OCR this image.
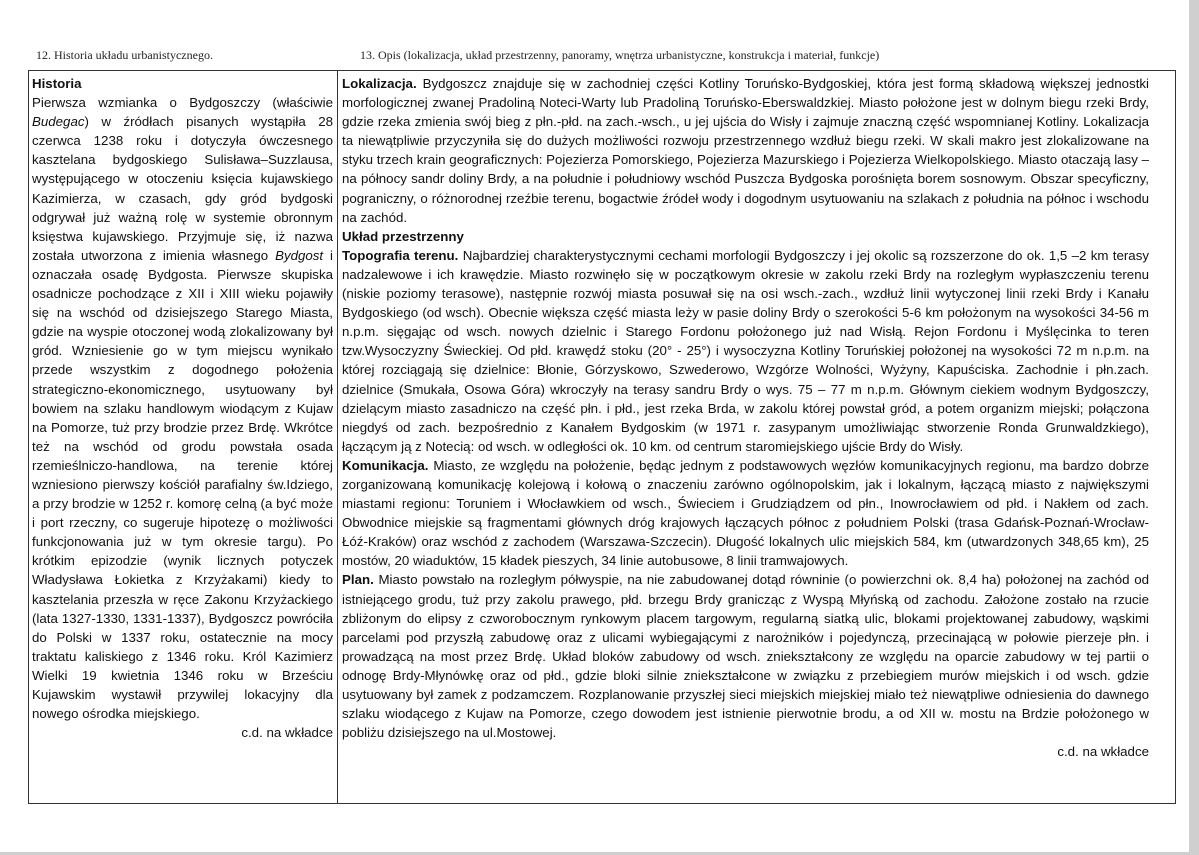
12. Historia układu urbanistycznego.	13. Opis (lokalizacja, układ przestrzenny, panoramy, wnętrza urbanistyczne, konstrukcja i materiał, funkcje)
Historia

Pierwsza wzmianka o Bydgoszczy (właściwie Budegac) w źródłach pisanych wystąpiła 28 czerwca 1238 roku i dotyczyła ówczesnego kasztelana bydgoskiego Sulisława–Suzzlausa, występującego w otoczeniu księcia kujawskiego Kazimierza, w czasach, gdy gród bydgoski odgrywał już ważną rolę w systemie obronnym księstwa kujawskiego. Przyjmuje się, iż nazwa została utworzona z imienia własnego Bydgost i oznaczała osadę Bydgosta. Pierwsze skupiska osadnicze pochodzące z XII i XIII wieku pojawiły się na wschód od dzisiejszego Starego Miasta, gdzie na wyspie otoczonej wodą zlokalizowany był gród. Wzniesienie go w tym miejscu wynikało przede wszystkim z dogodnego położenia strategiczno-ekonomicznego, usytuowany był bowiem na szlaku handlowym wiodącym z Kujaw na Pomorze, tuż przy brodzie przez Brdę. Wkrótce też na wschód od grodu powstała osada rzemieślniczo-handlowa, na terenie której wzniesiono pierwszy kościół parafialny św.Idziego, a przy brodzie w 1252 r. komorę celną (a być może i port rzeczny, co sugeruje hipotezę o możliwości funkcjonowania już w tym okresie targu). Po krótkim epizodzie (wynik licznych potyczek Władysława Łokietka z Krzyżakami) kiedy to kasztelania przeszła w ręce Zakonu Krzyżackiego (lata 1327-1330, 1331-1337), Bydgoszcz powróciła do Polski w 1337 roku, ostatecznie na mocy traktatu kaliskiego z 1346 roku. Król Kazimierz Wielki 19 kwietnia 1346 roku w Brześciu Kujawskim wystawił przywilej lokacyjny dla nowego ośrodka miejskiego.

c.d. na wkładce

Lokalizacja. Bydgoszcz znajduje się w zachodniej części Kotliny Toruńsko-Bydgoskiej, która jest formą składową większej jednostki morfologicznej zwanej Pradoliną Noteci-Warty lub Pradoliną Toruńsko-Eberswaldzkiej. Miasto położone jest w dolnym biegu rzeki Brdy, gdzie rzeka zmienia swój bieg z płn.-płd. na zach.-wsch., u jej ujścia do Wisły i zajmuje znaczną część wspomnianej Kotliny. Lokalizacja ta niewątpliwie przyczyniła się do dużych możliwości rozwoju przestrzennego wzdłuż biegu rzeki. W skali makro jest zlokalizowane na styku trzech krain geograficznych: Pojezierza Pomorskiego, Pojezierza Mazurskiego i Pojezierza Wielkopolskiego. Miasto otaczają lasy – na północy sandr doliny Brdy, a na południe i południowy wschód Puszcza Bydgoska porośnięta borem sosnowym. Obszar specyficzny, pograniczny, o różnorodnej rzeźbie terenu, bogactwie źródeł wody i dogodnym usytuowaniu na szlakach z południa na północ i wschodu na zachód.

Układ przestrzenny

Topografia terenu. Najbardziej charakterystycznymi cechami morfologii Bydgoszczy i jej okolic są rozszerzone do ok. 1,5 –2 km terasy nadzalewowe i ich krawędzie. Miasto rozwinęło się w początkowym okresie w zakolu rzeki Brdy na rozległym wypłaszczeniu terenu (niskie poziomy terasowe), następnie rozwój miasta posuwał się na osi wsch.-zach., wzdłuż linii wytyczonej linii rzeki Brdy i Kanału Bydgoskiego (od wsch). Obecnie większa część miasta leży w pasie doliny Brdy o szerokości 5-6 km położonym na wysokości 34-56 m n.p.m. sięgając od wsch. nowych dzielnic i Starego Fordonu położonego już nad Wisłą. Rejon Fordonu i Myślęcinka to teren tzw.Wysoczyzny Świeckiej. Od płd. krawędź stoku (20° - 25°) i wysoczyzna Kotliny Toruńskiej położonej na wysokości 72 m n.p.m. na której rozciągają się dzielnice: Błonie, Górzyskowo, Szwederowo, Wzgórze Wolności, Wyżyny, Kapuściska. Zachodnie i płn.zach. dzielnice (Smukała, Osowa Góra) wkroczyły na terasy sandru Brdy o wys. 75 – 77 m n.p.m. Głównym ciekiem wodnym Bydgoszczy, dzielącym miasto zasadniczo na część płn. i płd., jest rzeka Brda, w zakolu której powstał gród, a potem organizm miejski; połączona niegdyś od zach. bezpośrednio z Kanałem Bydgoskim (w 1971 r. zasypanym umożliwiając stworzenie Ronda Grunwaldzkiego), łączącym ją z Notecią: od wsch. w odległości ok. 10 km. od centrum staromiejskiego ujście Brdy do Wisły.

Komunikacja. Miasto, ze względu na położenie, będąc jednym z podstawowych węzłów komunikacyjnych regionu, ma bardzo dobrze zorganizowaną komunikację kolejową i kołową o znaczeniu zarówno ogólnopolskim, jak i lokalnym, łączącą miasto z największymi miastami regionu: Toruniem i Włocławkiem od wsch., Świeciem i Grudziądzem od płn., Inowrocławiem od płd. i Nakłem od zach. Obwodnice miejskie są fragmentami głównych dróg krajowych łączących północ z południem Polski (trasa Gdańsk-Poznań-Wrocław-Łóź-Kraków) oraz wschód z zachodem (Warszawa-Szczecin). Długość lokalnych ulic miejskich 584, km (utwardzonych 348,65 km), 25 mostów, 20 wiaduktów, 15 kładek pieszych, 34 linie autobusowe, 8 linii tramwajowych.

Plan. Miasto powstało na rozległym półwyspie, na nie zabudowanej dotąd równinie (o powierzchni ok. 8,4 ha) położonej na zachód od istniejącego grodu, tuż przy zakolu prawego, płd. brzegu Brdy granicząc z Wyspą Młyńską od zachodu. Założone zostało na rzucie zbliżonym do elipsy z czworobocznym rynkowym placem targowym, regularną siatką ulic, blokami projektowanej zabudowy, wąskimi parcelami pod przyszłą zabudowę oraz z ulicami wybiegającymi z narożników i pojedynczą, przecinającą w połowie pierzeje płn. i prowadzącą na most przez Brdę. Układ bloków zabudowy od wsch. zniekształcony ze względu na oparcie zabudowy w tej partii o odnogę Brdy-Młynówkę oraz od płd., gdzie bloki silnie zniekształcone w związku z przebiegiem murów miejskich i od wsch. gdzie usytuowany był zamek z podzamczem. Rozplanowanie przyszłej sieci miejskich miejskiej miało też niewątpliwe odniesienia do dawnego szlaku wiodącego z Kujaw na Pomorze, czego dowodem jest istnienie pierwotnie brodu, a od XII w. mostu na Brdzie położonego w pobliżu dzisiejszego na ul.Mostowej.

c.d. na wkładce
